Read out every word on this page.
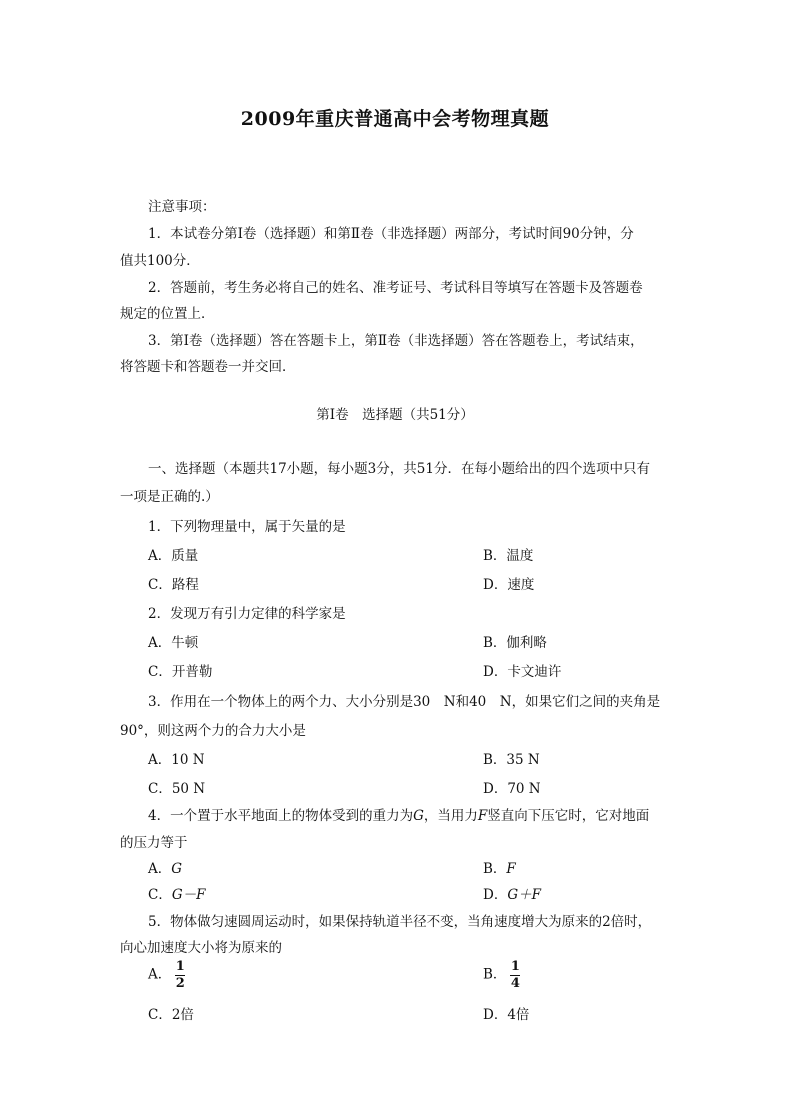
2009年重庆普通高中会考物理真题
注意事项：
1．本试卷分第Ⅰ卷（选择题）和第Ⅱ卷（非选择题）两部分，考试时间90分钟，分
值共100分．
2．答题前，考生务必将自己的姓名、准考证号、考试科目等填写在答题卡及答题卷
规定的位置上．
3．第Ⅰ卷（选择题）答在答题卡上，第Ⅱ卷（非选择题）答在答题卷上，考试结束，
将答题卡和答题卷一并交回．
第Ⅰ卷　选择题（共51分）
一、选择题（本题共17小题，每小题3分，共51分．在每小题给出的四个选项中只有
一项是正确的.）
1．下列物理量中，属于矢量的是
A．质量	B．温度
C．路程	D．速度
2．发现万有引力定律的科学家是
A．牛顿	B．伽利略
C．开普勒	D．卡文迪许
3．作用在一个物体上的两个力、大小分别是30　N和40　N，如果它们之间的夹角是
90°，则这两个力的合力大小是
A．10 N	B．35 N
C．50 N	D．70 N
4．一个置于水平地面上的物体受到的重力为G，当用力F竖直向下压它时，它对地面
的压力等于
A．G	B．F
C．G－F	D．G＋F
5．物体做匀速圆周运动时，如果保持轨道半径不变，当角速度增大为原来的2倍时，
向心加速度大小将为原来的
A． $\frac{1}{2}$	B． $\frac{1}{4}$
C．2倍	D．4倍
